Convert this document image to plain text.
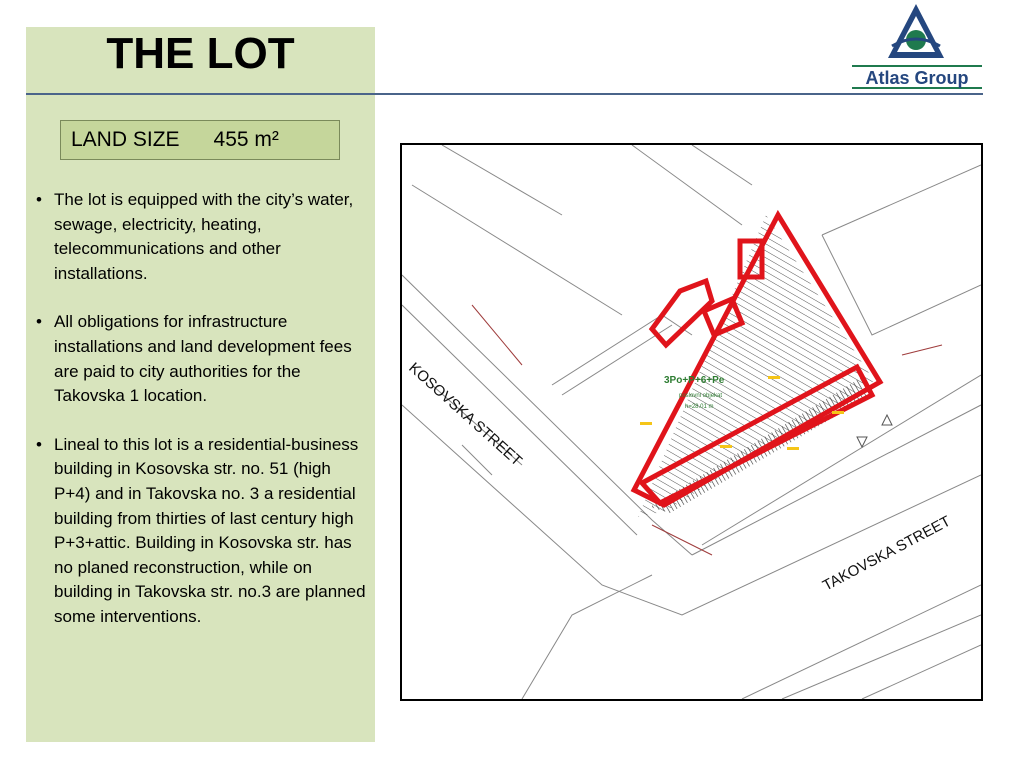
THE LOT
LAND SIZE 455 m²
• The lot is equipped with the city’s water, sewage, electricity, heating, telecommunications and other installations.
• All obligations for infrastructure installations and land development fees are paid to city authorities for the Takovska 1 location.
• Lineal to this lot is a residential-business building in Kosovska str. no. 51 (high P+4) and in Takovska no. 3 a residential building from thirties of last century high P+3+attic. Building in Kosovska str. has no planed reconstruction, while on building in Takovska str. no.3 are planned some interventions.
Atlas Group
3Po+P+6+Pe
poslovni objekat
h=28.01 m
KOSOVSKA STREET
TAKOVSKA STREET
